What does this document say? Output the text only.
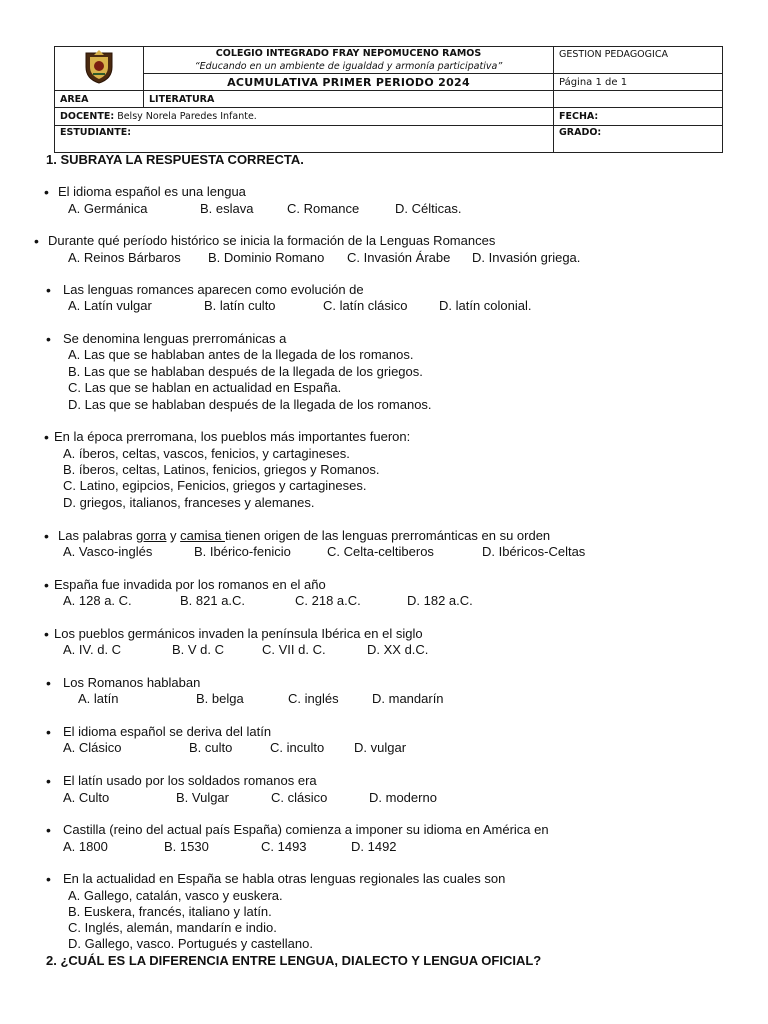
COLEGIO INTEGRADO FRAY NEPOMUCENO RAMOS
“Educando en un ambiente de igualdad y armonía participativa”	GESTION PEDAGOGICA

	ACUMULATIVA PRIMER PERIODO 2024	Página 1 de 1
AREA	LITERATURA	
DOCENTE: Belsy Norela Paredes Infante.		FECHA:
ESTUDIANTE:		GRADO:
1. SUBRAYA LA RESPUESTA CORRECTA.
• El idioma español es una lengua
A. Germánica	B. eslava	C. Romance	D. Célticas.
• Durante qué período histórico se inicia la formación de la Lenguas Romances
A. Reinos Bárbaros B. Dominio Romano C. Invasión Árabe D. Invasión griega.
• Las lenguas romances aparecen como evolución de
A. Latín vulgar	B. latín culto	C. latín clásico D. latín colonial.
• Se denomina lenguas prerrománicas a
A. Las que se hablaban antes de la llegada de los romanos.
B. Las que se hablaban después de la llegada de los griegos.
C. Las que se hablan en actualidad en España.
D. Las que se hablaban después de la llegada de los romanos.
• En la época prerromana, los pueblos más importantes fueron:
A. íberos, celtas, vascos, fenicios, y cartagineses.
B. íberos, celtas, Latinos, fenicios, griegos y Romanos.
C. Latino, egipcios, Fenicios, griegos y cartagineses.
D. griegos, italianos, franceses y alemanes.
• Las palabras gorra y camisa tienen origen de las lenguas prerrománticas en su orden
A. Vasco-inglés	B. Ibérico-fenicio	C. Celta-celtiberos	D. Ibéricos-Celtas
• España fue invadida por los romanos en el año
A. 128 a. C.	B. 821 a.C.	C. 218 a.C.	D. 182 a.C.
• Los pueblos germánicos invaden la península Ibérica en el siglo
A. IV. d. C	B. V d. C	C. VII d. C.	D. XX d.C.
• Los Romanos hablaban
A. latín	B. belga	C. inglés	D. mandarín
• El idioma español se deriva del latín
A. Clásico	B. culto	C. inculto D. vulgar
• El latín usado por los soldados romanos era
A. Culto	B. Vulgar	C. clásico	D. moderno
• Castilla (reino del actual país España) comienza a imponer su idioma en América en
A. 1800	B. 1530	C. 1493	D. 1492
• En la actualidad en España se habla otras lenguas regionales las cuales son
A. Gallego, catalán, vasco y euskera.
B. Euskera, francés, italiano y latín.
C. Inglés, alemán, mandarín e indio.
D. Gallego, vasco. Portugués y castellano.
2. ¿CUÁL ES LA DIFERENCIA ENTRE LENGUA, DIALECTO Y LENGUA OFICIAL?
